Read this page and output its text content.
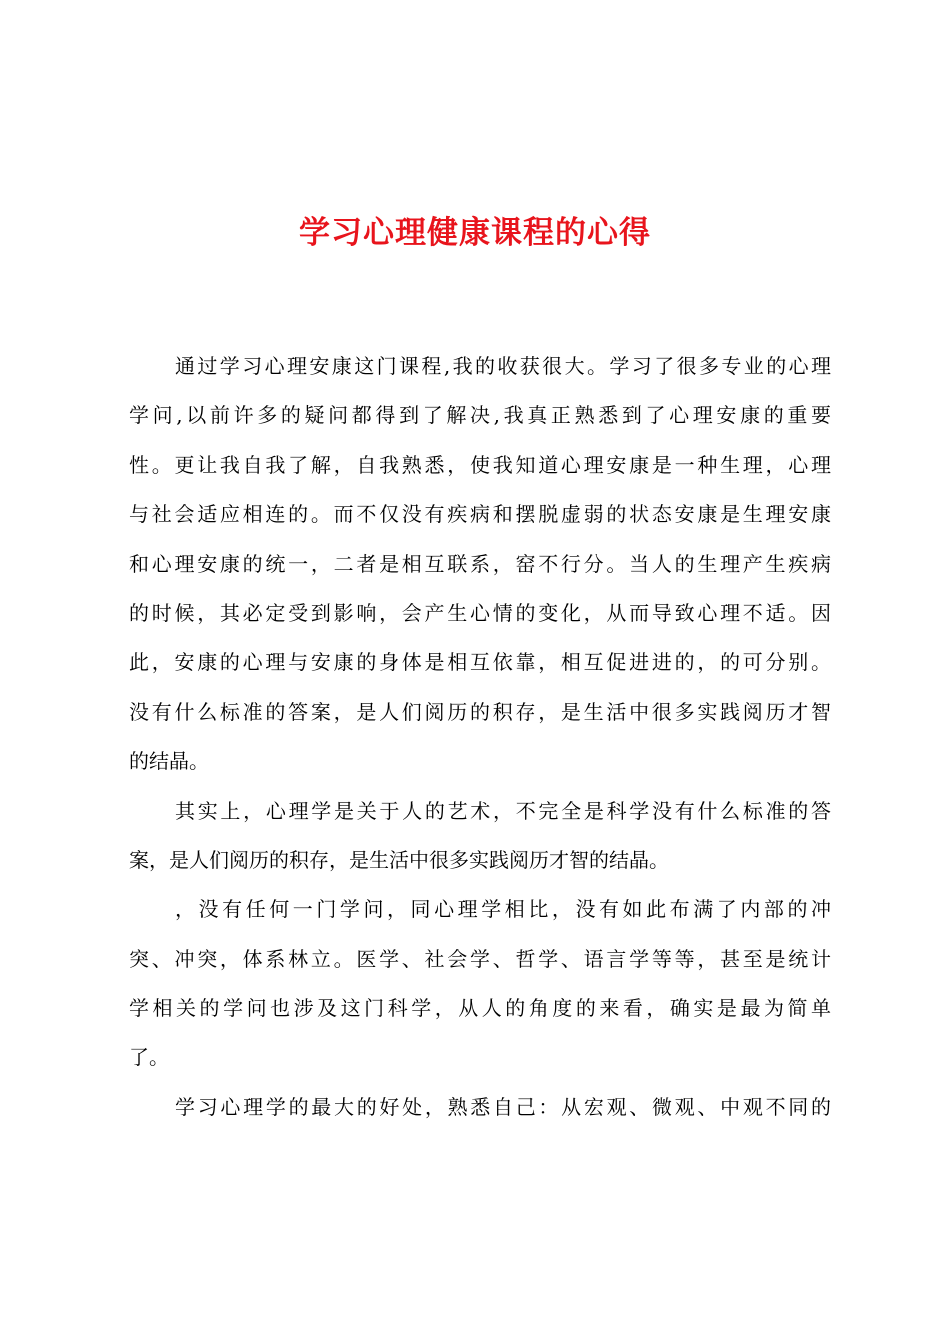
学习心理健康课程的心得
通过学习心理安康这门课程,我的收获很大。学习了很多专业的心理
学问,以前许多的疑问都得到了解决,我真正熟悉到了心理安康的重要
性。更让我自我了解，自我熟悉，使我知道心理安康是一种生理，心理
与社会适应相连的。而不仅没有疾病和摆脱虚弱的状态安康是生理安康
和心理安康的统一，二者是相互联系，窑不行分。当人的生理产生疾病
的时候，其必定受到影响，会产生心情的变化，从而导致心理不适。因
此，安康的心理与安康的身体是相互依靠，相互促进进的，的可分别。
没有什么标准的答案，是人们阅历的积存，是生活中很多实践阅历才智
的结晶。
其实上，心理学是关于人的艺术，不完全是科学没有什么标准的答
案，是人们阅历的积存，是生活中很多实践阅历才智的结晶。
，没有任何一门学问，同心理学相比，没有如此布满了内部的冲
突、冲突，体系林立。医学、社会学、哲学、语言学等等，甚至是统计
学相关的学问也涉及这门科学，从人的角度的来看，确实是最为简单
了。
学习心理学的最大的好处，熟悉自己：从宏观、微观、中观不同的
